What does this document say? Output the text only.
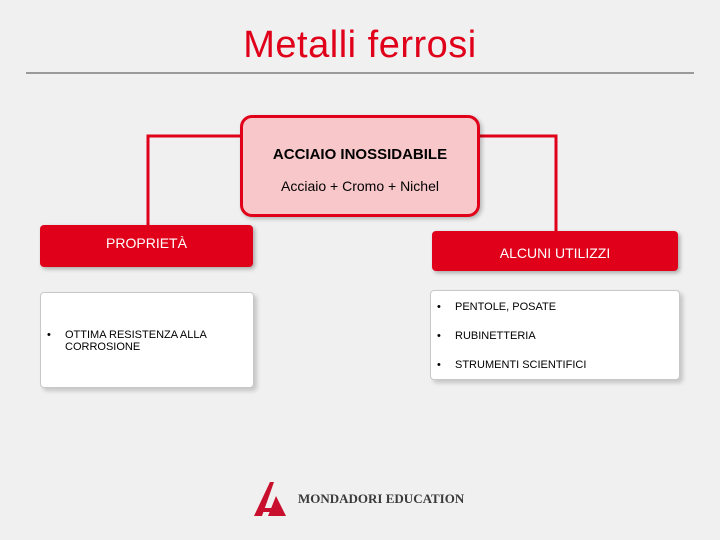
Metalli ferrosi
ACCIAIO INOSSIDABILE
Acciaio + Cromo + Nichel
PROPRIETÀ
ALCUNI UTILIZZI
• OTTIMA RESISTENZA ALLA CORROSIONE
• PENTOLE, POSATE
• RUBINETTERIA
• STRUMENTI SCIENTIFICI
MONDADORI EDUCATION
